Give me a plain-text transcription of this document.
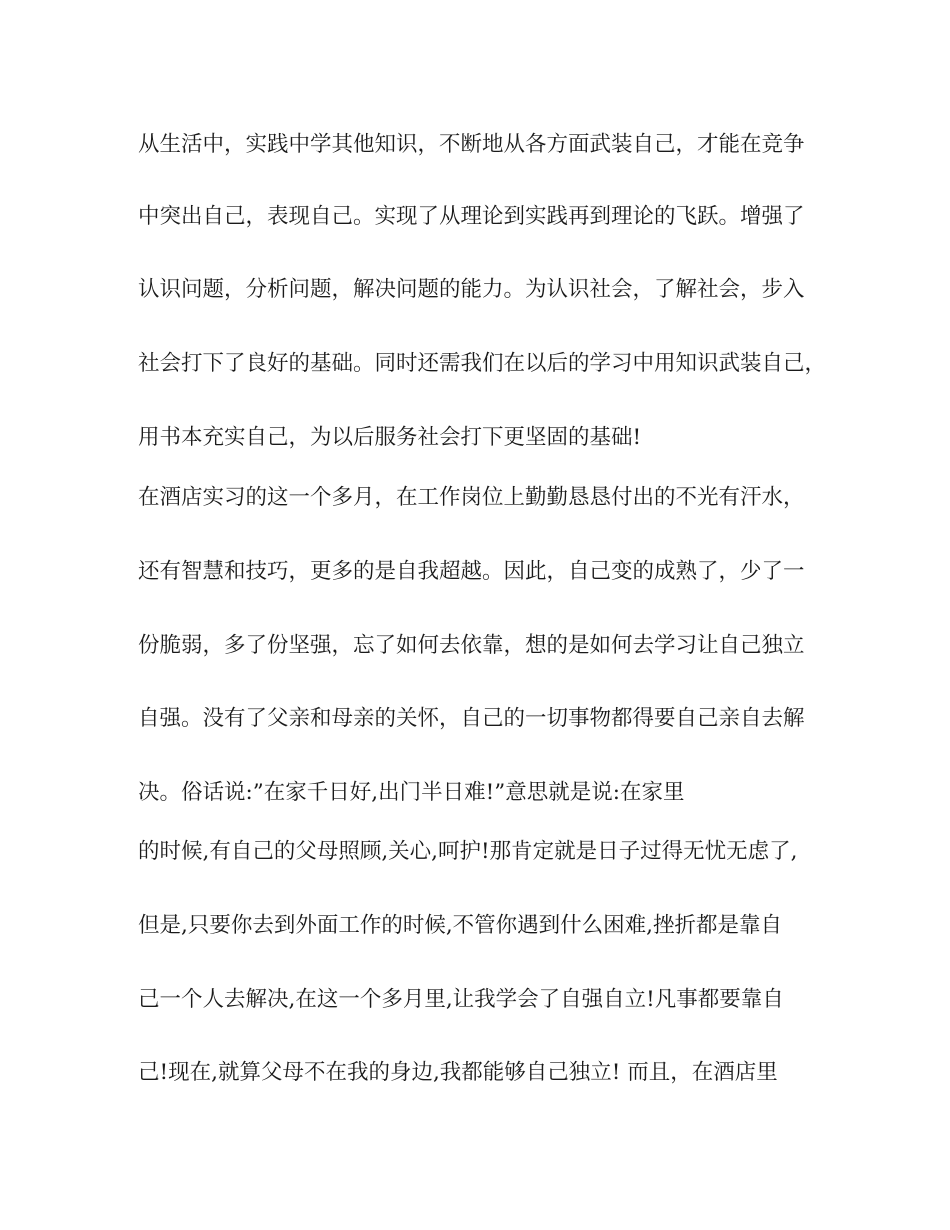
从生活中，实践中学其他知识，不断地从各方面武装自己，才能在竞争
中突出自己，表现自己。实现了从理论到实践再到理论的飞跃。增强了
认识问题，分析问题，解决问题的能力。为认识社会，了解社会，步入
社会打下了良好的基础。同时还需我们在以后的学习中用知识武装自己，
用书本充实自己，为以后服务社会打下更坚固的基础!
在酒店实习的这一个多月，在工作岗位上勤勤恳恳付出的不光有汗水，
还有智慧和技巧，更多的是自我超越。因此，自己变的成熟了，少了一
份脆弱，多了份坚强，忘了如何去依靠，想的是如何去学习让自己独立
自强。没有了父亲和母亲的关怀，自己的一切事物都得要自己亲自去解
决。俗话说:”在家千日好,出门半日难!”意思就是说:在家里
的时候,有自己的父母照顾,关心,呵护!那肯定就是日子过得无忧无虑了,
但是,只要你去到外面工作的时候,不管你遇到什么困难,挫折都是靠自
己一个人去解决,在这一个多月里,让我学会了自强自立!凡事都要靠自
己!现在,就算父母不在我的身边,我都能够自己独立! 而且，在酒店里
